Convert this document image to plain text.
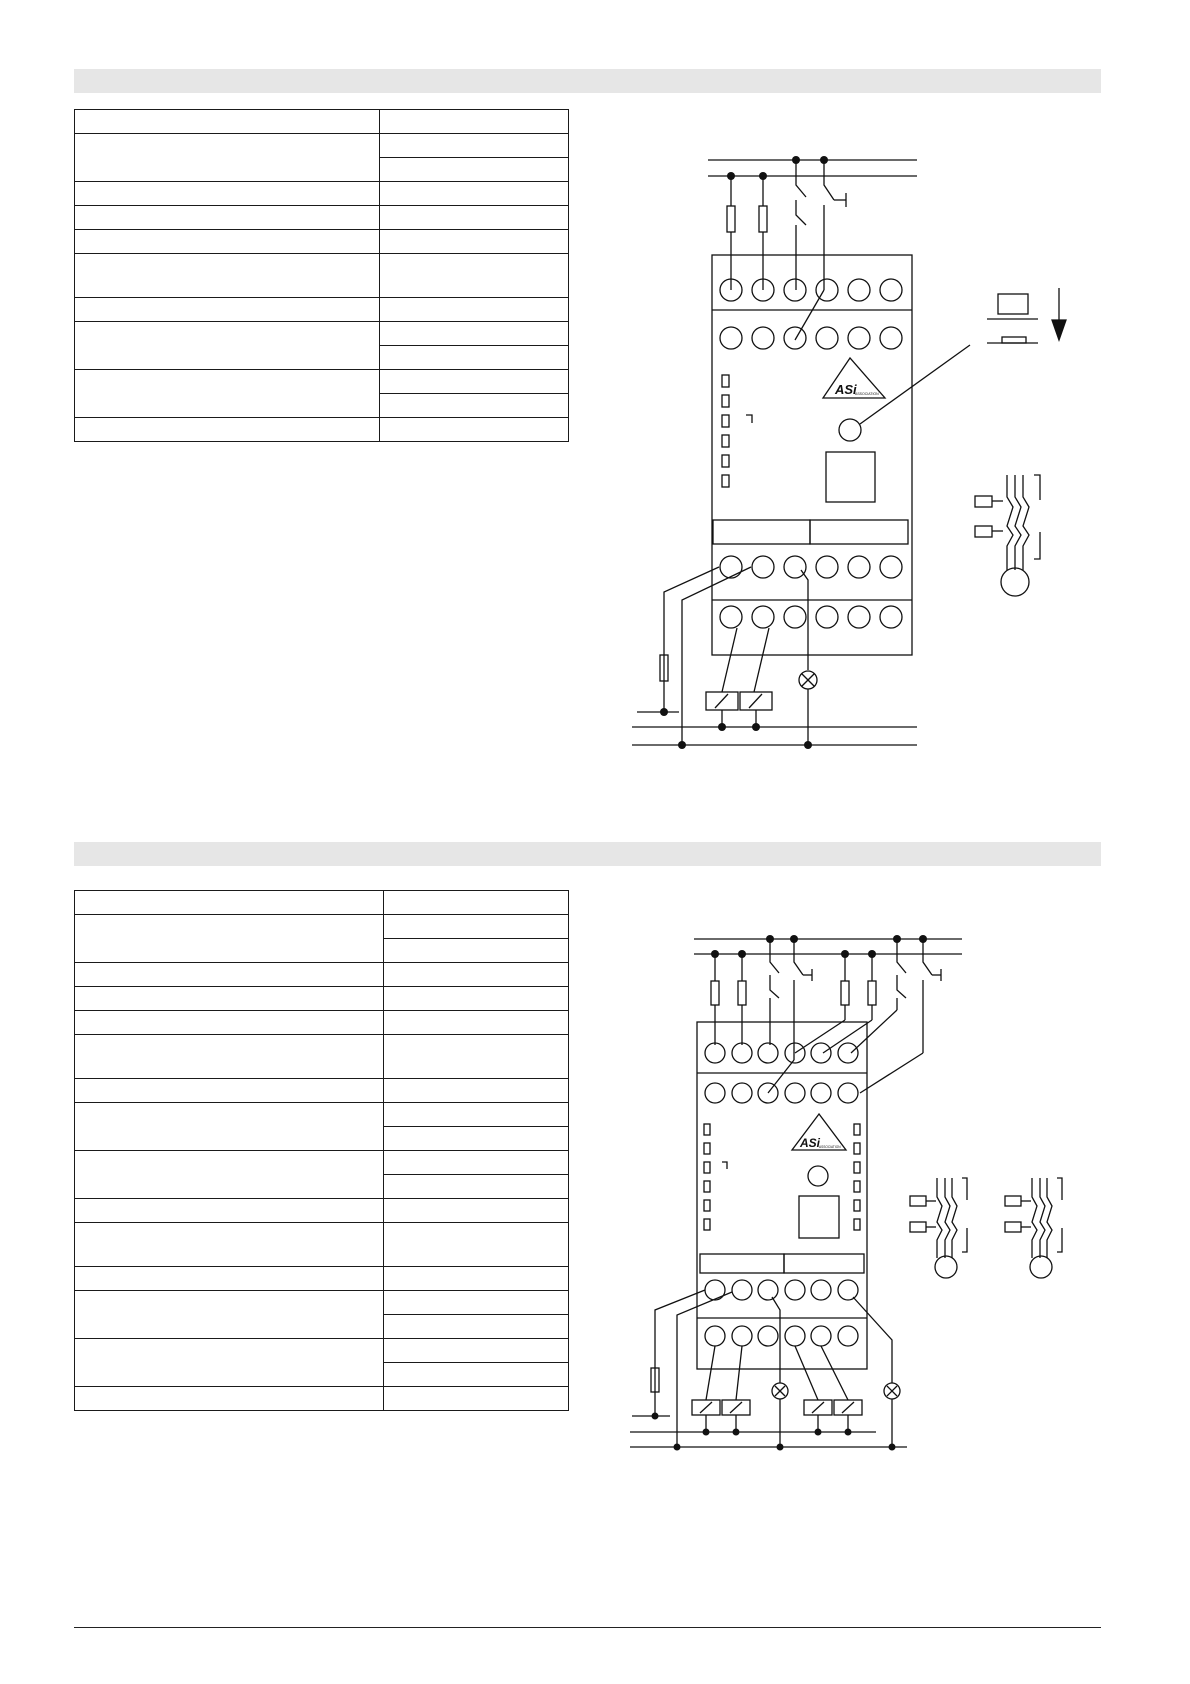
ASi
ASSOCIATION
ASi
ASSOCIATION
